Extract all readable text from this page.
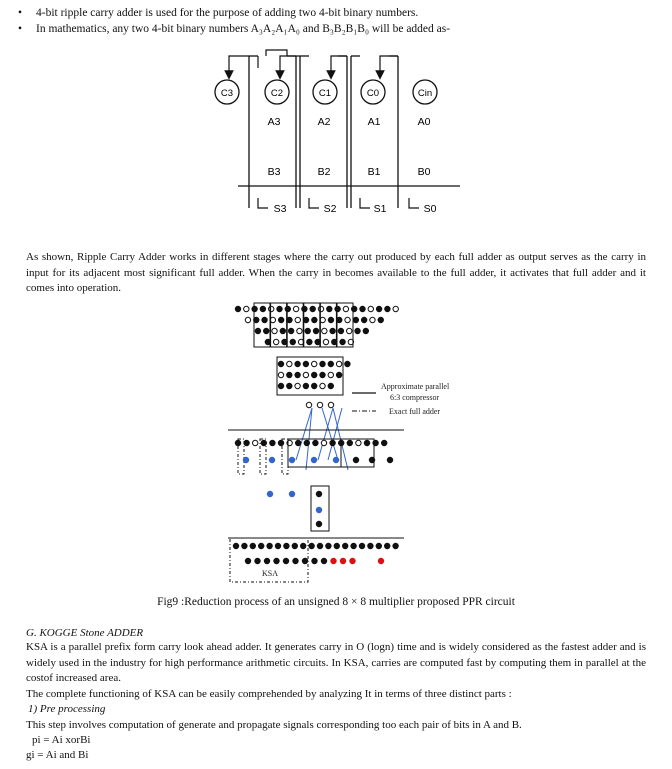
• 4-bit ripple carry adder is used for the purpose of adding two 4-bit binary numbers.
• In mathematics, any two 4-bit binary numbers A₃A₂A₁A₀ and B₃B₂B₁B₀ will be added as-
C3	C2	C1	C0	Cin
A3	A2	A1	A0
B3	B2	B1	B0
S3	S2	S1	S0
As shown, Ripple Carry Adder works in different stages where the carry out produced by each full adder as output serves as the carry in input for its adjacent most significant full adder. When the carry in becomes available to the full adder, it activates that full adder and it comes into operation.
Approximate parallel
6:3 compressor
Exact full adder
KSA
Fig9 :Reduction process of an unsigned 8 × 8 multiplier proposed PPR circuit
G. KOGGE Stone ADDER
KSA is a parallel prefix form carry look ahead adder. It generates carry in O (logn) time and is widely considered as the fastest adder and is widely used in the industry for high performance arithmetic circuits. In KSA, carries are computed fast by computing them in parallel at the costof increased area.
The complete functioning of KSA can be easily comprehended by analyzing It in terms of three distinct parts :
1) Pre processing
This step involves computation of generate and propagate signals corresponding too each pair of bits in A and B.
pi = Ai xorBi
gi = Ai and Bi
